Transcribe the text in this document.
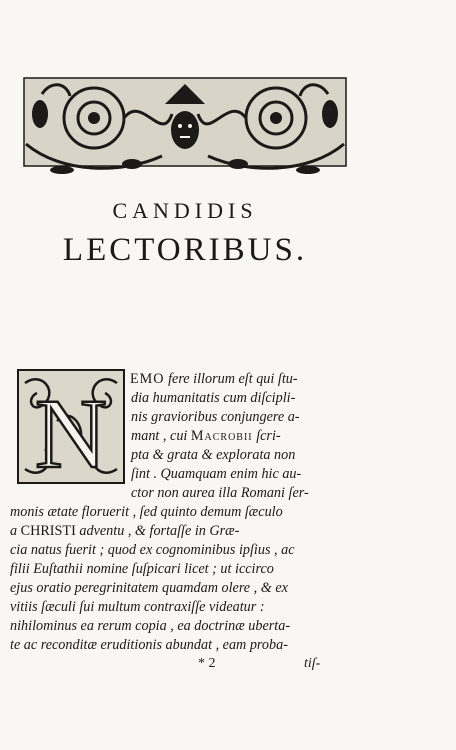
CANDIDIS
LECTORIBUS.
N EMO fere illorum eſt qui ſtu-
dia humanitatis cum diſcipli-
nis gravioribus conjungere a-
mant , cui Macrobii ſcri-
pta & grata & explorata non
ſint . Quamquam enim hic au-
ctor non aurea illa Romani ſer-
monis ætate floruerit , ſed quinto demum ſæculo
a CHRISTI adventu , & fortaſſe in Græ-
cia natus fuerit ; quod ex cognominibus ipſius , ac
filii Euſtathii nomine ſuſpicari licet ; ut iccirco
ejus oratio peregrinitatem quamdam olere , & ex
vitiis ſæculi ſui multum contraxiſſe videatur :
nihilominus ea rerum copia , ea doctrinæ uberta-
te ac reconditæ eruditionis abundat , eam proba-
* 2	tiſ-
